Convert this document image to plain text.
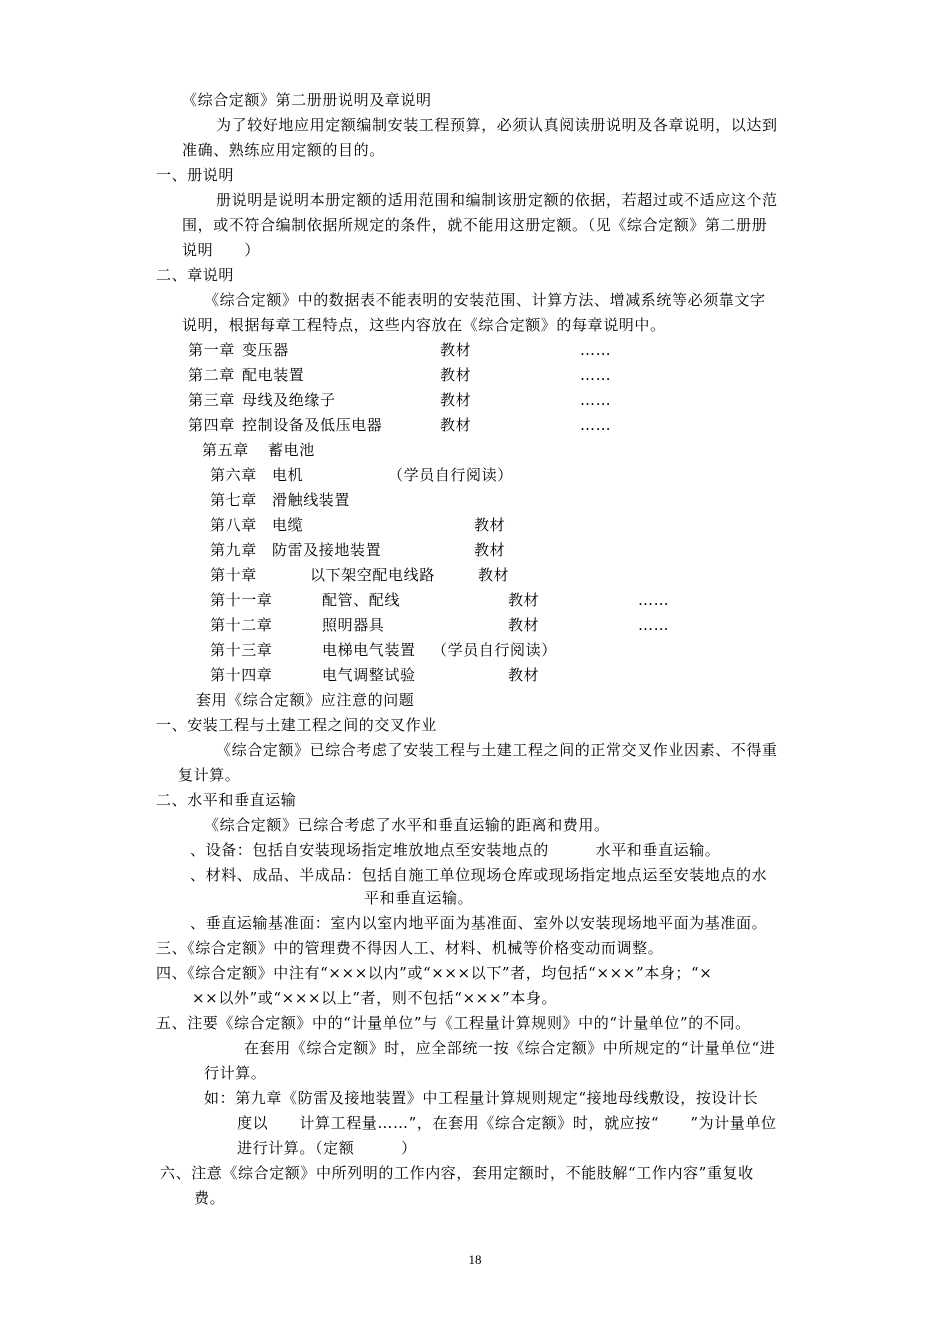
《综合定额》第二册册说明及章说明
为了较好地应用定额编制安装工程预算，必须认真阅读册说明及各章说明，以达到
准确、熟练应用定额的目的。
一、册说明
册说明是说明本册定额的适用范围和编制该册定额的依据，若超过或不适应这个范
围，或不符合编制依据所规定的条件，就不能用这册定额。（见《综合定额》第二册册
说明　　）
二、章说明
《综合定额》中的数据表不能表明的安装范围、计算方法、增减系统等必须靠文字
说明，根据每章工程特点，这些内容放在《综合定额》的每章说明中。
第一章 变压器	教材	……
第二章 配电装置	教材	……
第三章 母线及绝缘子	教材	……
第四章 控制设备及低压电器	教材	……
第五章 蓄电池
第六章 电机	（学员自行阅读）
第七章 滑触线装置
第八章 电缆	教材
第九章 防雷及接地装置	教材
第十章	以下架空配电线路	教材
第十一章	配管、配线	教材	……
第十二章	照明器具	教材	……
第十三章	电梯电气装置 （学员自行阅读）
第十四章	电气调整试验	教材
套用《综合定额》应注意的问题
一、安装工程与土建工程之间的交叉作业
《综合定额》已综合考虑了安装工程与土建工程之间的正常交叉作业因素、不得重
复计算。
二、水平和垂直运输
《综合定额》已综合考虑了水平和垂直运输的距离和费用。
、设备：包括自安装现场指定堆放地点至安装地点的　　　水平和垂直运输。
、材料、成品、半成品：包括自施工单位现场仓库或现场指定地点运至安装地点的水
平和垂直运输。
、垂直运输基准面：室内以室内地平面为基准面、室外以安装现场地平面为基准面。
三、《综合定额》中的管理费不得因人工、材料、机械等价格变动而调整。
四、《综合定额》中注有“×××以内”或“×××以下”者，均包括“×××”本身；“×
××以外”或“×××以上”者，则不包括“×××”本身。
五、注要《综合定额》中的“计量单位”与《工程量计算规则》中的“计量单位”的不同。
在套用《综合定额》时，应全部统一按《综合定额》中所规定的“计量单位“进
行计算。
如：第九章《防雷及接地装置》中工程量计算规则规定“接地母线敷设，按设计长
度以　　计算工程量……”，在套用《综合定额》时，就应按“　　”为计量单位
进行计算。（定额　　　）
六、注意《综合定额》中所列明的工作内容，套用定额时，不能肢解“工作内容”重复收
费。
18
